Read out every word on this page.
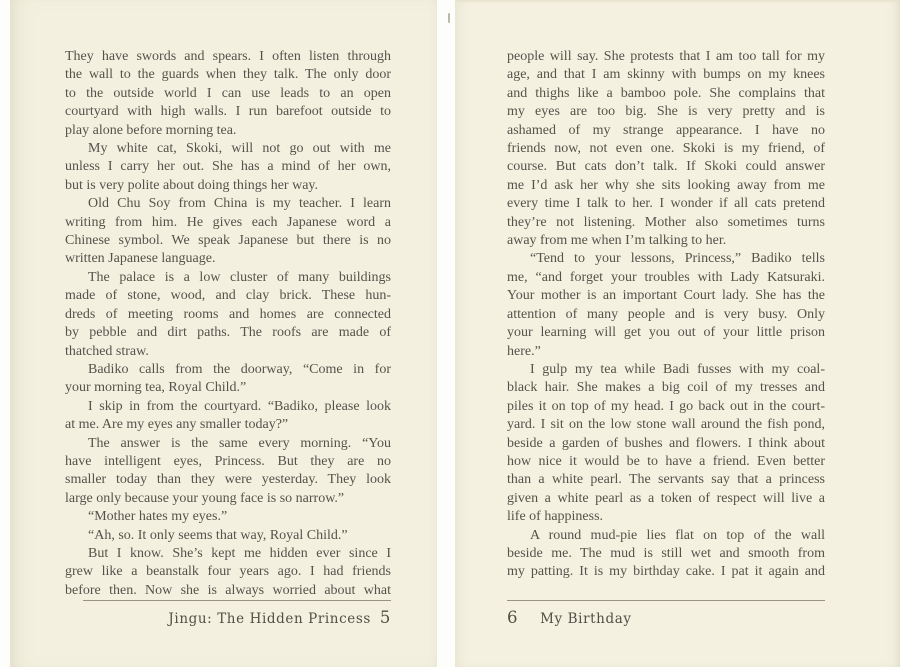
They have swords and spears. I often listen through
the wall to the guards when they talk. The only door
to the outside world I can use leads to an open
courtyard with high walls. I run barefoot outside to
play alone before morning tea.
My white cat, Skoki, will not go out with me
unless I carry her out. She has a mind of her own,
but is very polite about doing things her way.
Old Chu Soy from China is my teacher. I learn
writing from him. He gives each Japanese word a
Chinese symbol. We speak Japanese but there is no
written Japanese language.
The palace is a low cluster of many buildings
made of stone, wood, and clay brick. These hun-
dreds of meeting rooms and homes are connected
by pebble and dirt paths. The roofs are made of
thatched straw.
Badiko calls from the doorway, “Come in for
your morning tea, Royal Child.”
I skip in from the courtyard. “Badiko, please look
at me. Are my eyes any smaller today?”
The answer is the same every morning. “You
have intelligent eyes, Princess. But they are no
smaller today than they were yesterday. They look
large only because your young face is so narrow.”
“Mother hates my eyes.”
“Ah, so. It only seems that way, Royal Child.”
But I know. She’s kept me hidden ever since I
grew like a beanstalk four years ago. I had friends
before then. Now she is always worried about what
Jingu: The Hidden Princess 5
people will say. She protests that I am too tall for my
age, and that I am skinny with bumps on my knees
and thighs like a bamboo pole. She complains that
my eyes are too big. She is very pretty and is
ashamed of my strange appearance. I have no
friends now, not even one. Skoki is my friend, of
course. But cats don’t talk. If Skoki could answer
me I’d ask her why she sits looking away from me
every time I talk to her. I wonder if all cats pretend
they’re not listening. Mother also sometimes turns
away from me when I’m talking to her.
“Tend to your lessons, Princess,” Badiko tells
me, “and forget your troubles with Lady Katsuraki.
Your mother is an important Court lady. She has the
attention of many people and is very busy. Only
your learning will get you out of your little prison
here.”
I gulp my tea while Badi fusses with my coal-
black hair. She makes a big coil of my tresses and
piles it on top of my head. I go back out in the court-
yard. I sit on the low stone wall around the fish pond,
beside a garden of bushes and flowers. I think about
how nice it would be to have a friend. Even better
than a white pearl. The servants say that a princess
given a white pearl as a token of respect will live a
life of happiness.
A round mud-pie lies flat on top of the wall
beside me. The mud is still wet and smooth from
my patting. It is my birthday cake. I pat it again and
6 My Birthday
